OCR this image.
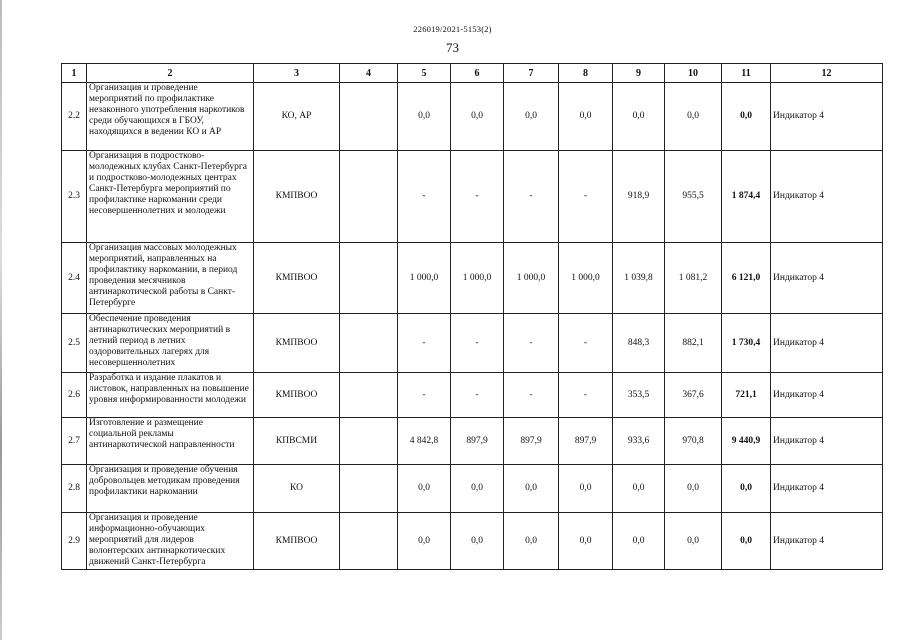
226019/2021-5153(2)
73
1	2	3	4	5	6	7	8	9	10	11	12
2.2	Организация и проведение мероприятий по профилактике незаконного употребления наркотиков среди обучающихся в ГБОУ, находящихся в ведении КО и АР	КО, АР		0,0	0,0	0,0	0,0	0,0	0,0	0,0	Индикатор 4
2.3	Организация в подростково-молодежных клубах Санкт-Петербурга и подростково-молодежных центрах Санкт-Петербурга мероприятий по профилактике наркомании среди несовершеннолетних и молодежи	КМПВОО		-	-	-	-	918,9	955,5	1 874,4	Индикатор 4
2.4	Организация массовых молодежных мероприятий, направленных на профилактику наркомании, в период проведения месячников антинаркотической работы в Санкт-Петербурге	КМПВОО		1 000,0	1 000,0	1 000,0	1 000,0	1 039,8	1 081,2	6 121,0	Индикатор 4
2.5	Обеспечение проведения антинаркотических мероприятий в летний период в летних оздоровительных лагерях для несовершеннолетних	КМПВОО		-	-	-	-	848,3	882,1	1 730,4	Индикатор 4
2.6	Разработка и издание плакатов и листовок, направленных на повышение уровня информированности молодежи	КМПВОО		-	-	-	-	353,5	367,6	721,1	Индикатор 4
2.7	Изготовление и размещение социальной рекламы антинаркотической направленности	КПВСМИ		4 842,8	897,9	897,9	897,9	933,6	970,8	9 440,9	Индикатор 4
2.8	Организация и проведение обучения добровольцев методикам проведения профилактики наркомании	КО		0,0	0,0	0,0	0,0	0,0	0,0	0,0	Индикатор 4
2.9	Организация и проведение информационно-обучающих мероприятий для лидеров волонтерских антинаркотических движений Санкт-Петербурга	КМПВОО		0,0	0,0	0,0	0,0	0,0	0,0	0,0	Индикатор 4
